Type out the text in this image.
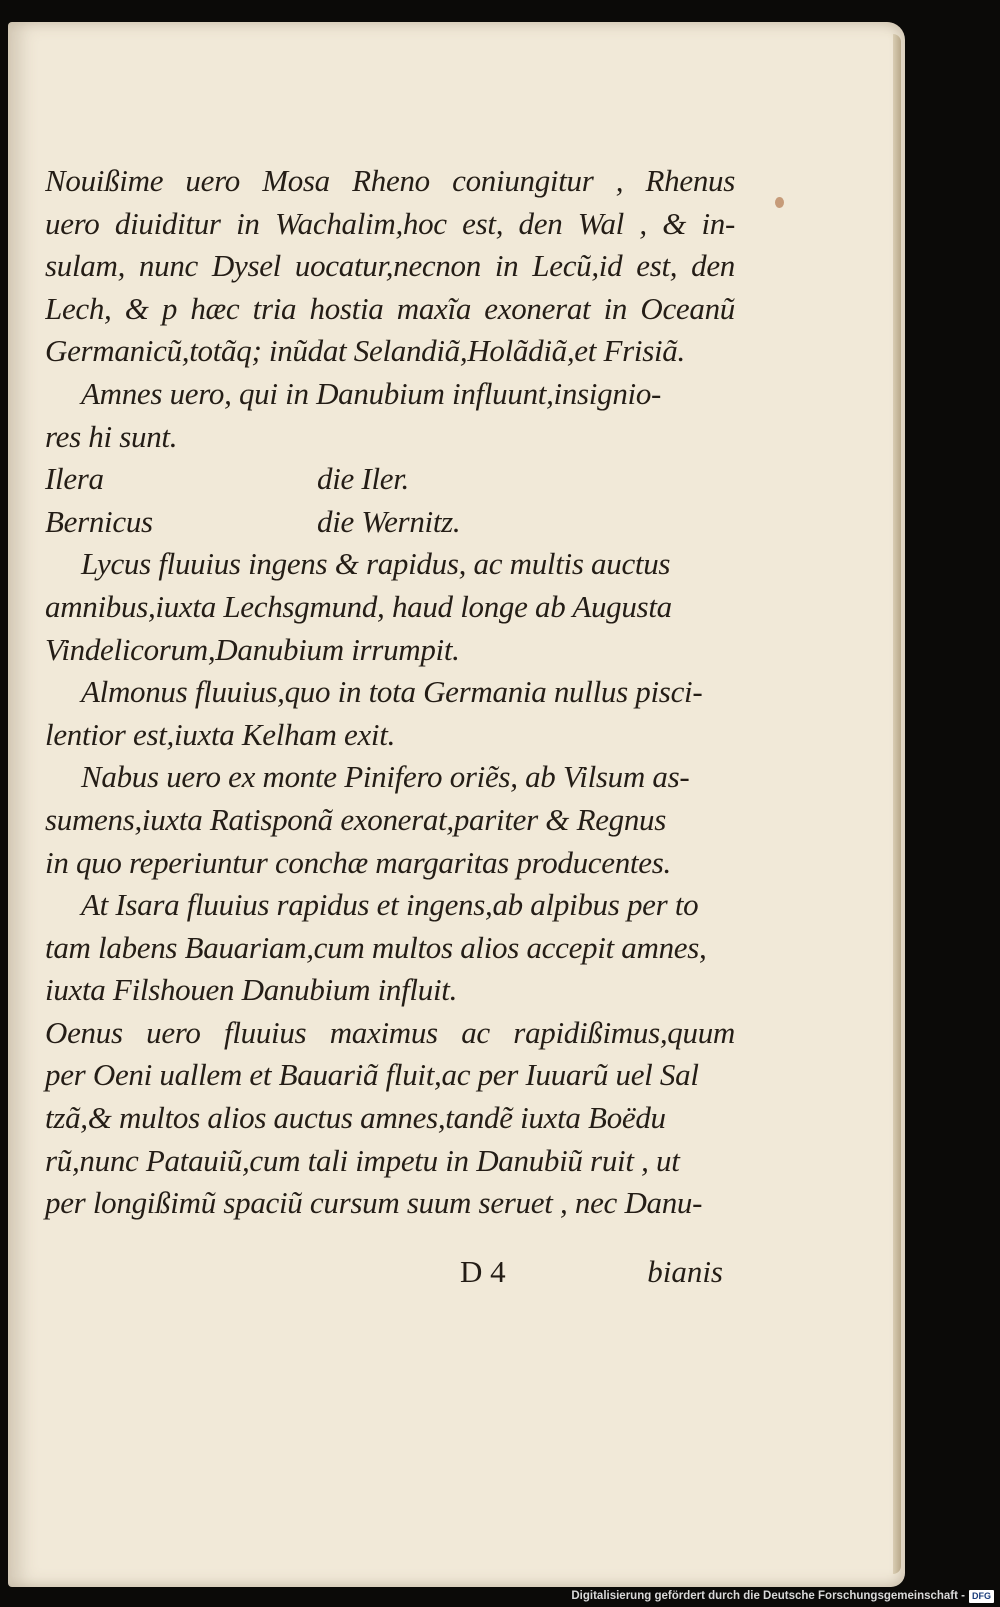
Nouißime uero Mosa Rheno coniungitur , Rhenus
uero diuiditur in Wachalim,hoc est, den Wal , & in-
sulam, nunc Dysel uocatur,necnon in Lecũ,id est, den
Lech, & p hæc tria hostia maxĩa exonerat in Oceanũ
Germanicũ,totãq; inũdat Selandiã,Holãdiã,et Frisiã.
Amnes uero, qui in Danubium influunt,insignio-
res hi sunt.
Ilera	die Iler.
Bernicus	die Wernitz.
Lycus fluuius ingens & rapidus, ac multis auctus
amnibus,iuxta Lechsgmund, haud longe ab Augusta
Vindelicorum,Danubium irrumpit.
Almonus fluuius,quo in tota Germania nullus pisci-
lentior est,iuxta Kelham exit.
Nabus uero ex monte Pinifero oriẽs, ab Vilsum as-
sumens,iuxta Ratisponã exonerat,pariter & Regnus
in quo reperiuntur conchæ margaritas producentes.
At Isara fluuius rapidus et ingens,ab alpibus per to
tam labens Bauariam,cum multos alios accepit amnes,
iuxta Filshouen Danubium influit.
Oenus uero fluuius maximus ac rapidißimus,quum
per Oeni uallem et Bauariã fluit,ac per Iuuarũ uel Sal
tzã,& multos alios auctus amnes,tandẽ iuxta Boëdu
rũ,nunc Patauiũ,cum tali impetu in Danubiũ ruit , ut
per longißimũ spaciũ cursum suum seruet , nec Danu-
D 4	bianis
Digitalisierung gefördert durch die Deutsche Forschungsgemeinschaft - DFG
